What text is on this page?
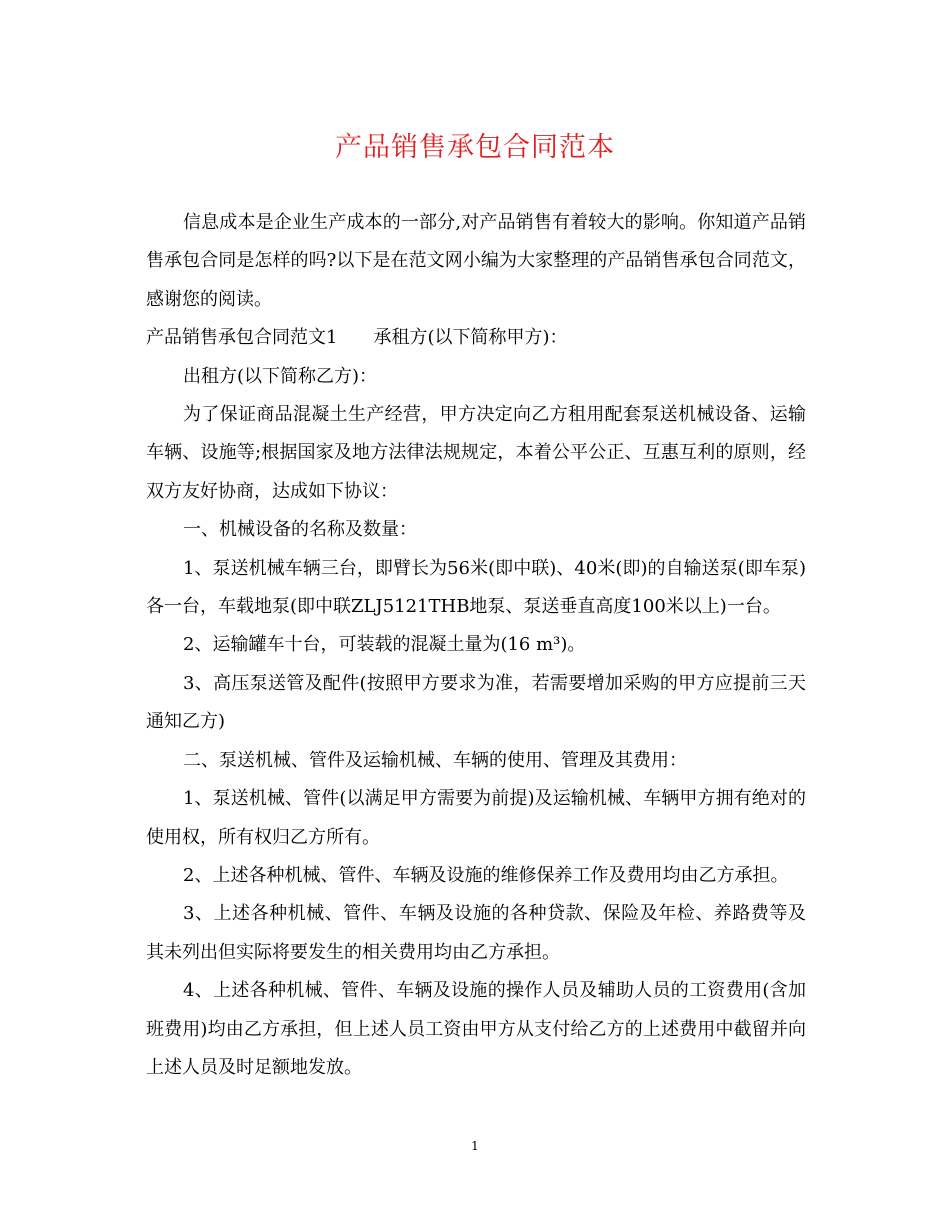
产品销售承包合同范本

信息成本是企业生产成本的一部分,对产品销售有着较大的影响。你知道产品销售承包合同是怎样的吗?以下是在范文网小编为大家整理的产品销售承包合同范文，感谢您的阅读。

产品销售承包合同范文1　　承租方(以下简称甲方)：

出租方(以下简称乙方)：

为了保证商品混凝土生产经营，甲方决定向乙方租用配套泵送机械设备、运输车辆、设施等;根据国家及地方法律法规规定，本着公平公正、互惠互利的原则，经双方友好协商，达成如下协议：

一、机械设备的名称及数量：

1、泵送机械车辆三台，即臂长为56米(即中联)、40米(即)的自输送泵(即车泵)各一台，车载地泵(即中联ZLJ5121THB地泵、泵送垂直高度100米以上)一台。

2、运输罐车十台，可装载的混凝土量为(16 m³)。

3、高压泵送管及配件(按照甲方要求为准，若需要增加采购的甲方应提前三天通知乙方)

二、泵送机械、管件及运输机械、车辆的使用、管理及其费用：

1、泵送机械、管件(以满足甲方需要为前提)及运输机械、车辆甲方拥有绝对的使用权，所有权归乙方所有。

2、上述各种机械、管件、车辆及设施的维修保养工作及费用均由乙方承担。

3、上述各种机械、管件、车辆及设施的各种贷款、保险及年检、养路费等及其未列出但实际将要发生的相关费用均由乙方承担。

4、上述各种机械、管件、车辆及设施的操作人员及辅助人员的工资费用(含加班费用)均由乙方承担，但上述人员工资由甲方从支付给乙方的上述费用中截留并向上述人员及时足额地发放。

1
